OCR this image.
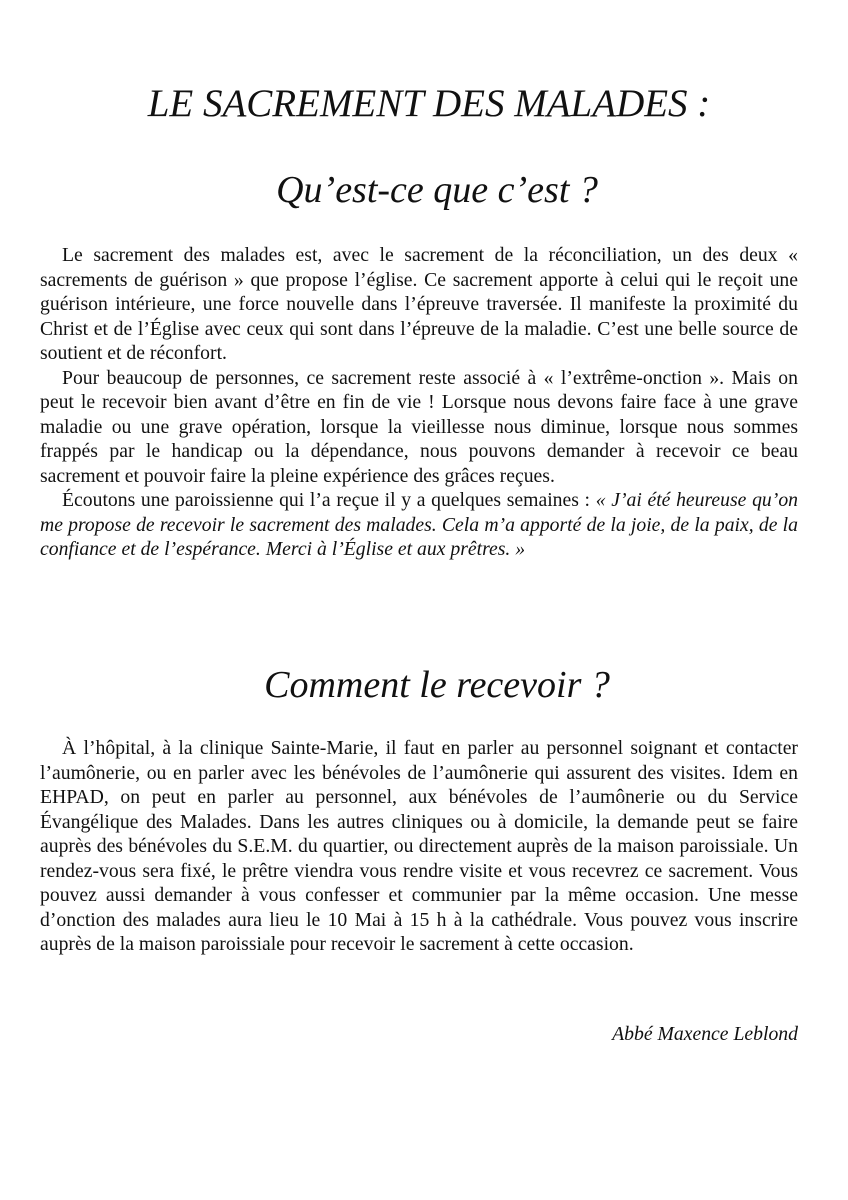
LE SACREMENT DES MALADES :
Qu’est-ce que c’est ?

Le sacrement des malades est, avec le sacrement de la réconciliation, un des deux « sacrements de guérison » que propose l’église. Ce sacrement apporte à celui qui le reçoit une guérison intérieure, une force nouvelle dans l’épreuve traversée. Il manifeste la proximité du Christ et de l’Église avec ceux qui sont dans l’épreuve de la maladie. C’est une belle source de soutient et de réconfort.

Pour beaucoup de personnes, ce sacrement reste associé à « l’extrême-onction ». Mais on peut le recevoir bien avant d’être en fin de vie ! Lorsque nous devons faire face à une grave maladie ou une grave opération, lorsque la vieillesse nous diminue, lorsque nous sommes frappés par le handicap ou la dépendance, nous pouvons demander à recevoir ce beau sacrement et pouvoir faire la pleine expérience des grâces reçues.

Écoutons une paroissienne qui l’a reçue il y a quelques semaines : « J’ai été heureuse qu’on me propose de recevoir le sacrement des malades. Cela m’a apporté de la joie, de la paix, de la confiance et de l’espérance. Merci à l’Église et aux prêtres. »

Comment le recevoir ?

À l’hôpital, à la clinique Sainte-Marie, il faut en parler au personnel soignant et contacter l’aumônerie, ou en parler avec les bénévoles de l’aumônerie qui assurent des visites. Idem en EHPAD, on peut en parler au personnel, aux bénévoles de l’aumônerie ou du Service Évangélique des Malades. Dans les autres cliniques ou à domicile, la demande peut se faire auprès des bénévoles du S.E.M. du quartier, ou directement auprès de la maison paroissiale. Un rendez-vous sera fixé, le prêtre viendra vous rendre visite et vous recevrez ce sacrement. Vous pouvez aussi demander à vous confesser et communier par la même occasion. Une messe d’onction des malades aura lieu le 10 Mai à 15 h à la cathédrale. Vous pouvez vous inscrire auprès de la maison paroissiale pour recevoir le sacrement à cette occasion.

Abbé Maxence Leblond
